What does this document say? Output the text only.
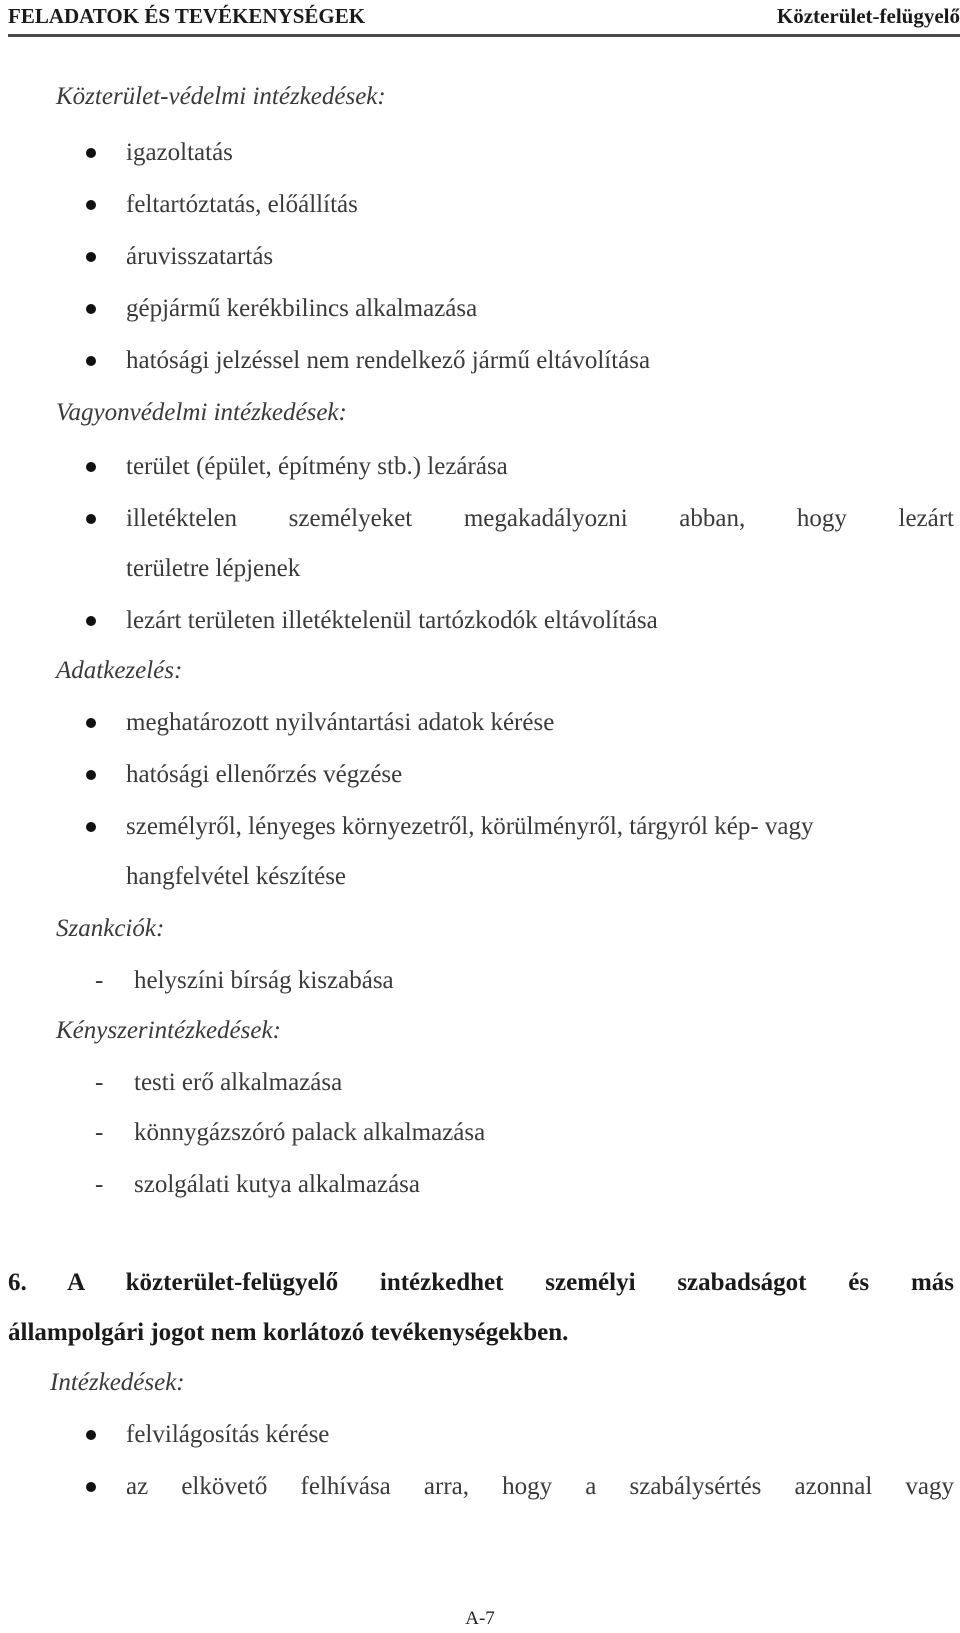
FELADATOK ÉS TEVÉKENYSÉGEK	Közterület-felügyelő
Közterület-védelmi intézkedések:
igazoltatás
feltartóztatás, előállítás
áruvisszatartás
gépjármű kerékbilincs alkalmazása
hatósági jelzéssel nem rendelkező jármű eltávolítása
Vagyonvédelmi intézkedések:
terület (épület, építmény stb.) lezárása
illetéktelen személyeket megakadályozni abban, hogy lezárt
területre lépjenek
lezárt területen illetéktelenül tartózkodók eltávolítása
Adatkezelés:
meghatározott nyilvántartási adatok kérése
hatósági ellenőrzés végzése
személyről, lényeges környezetről, körülményről, tárgyról kép- vagy
hangfelvétel készítése
Szankciók:
- helyszíni bírság kiszabása
Kényszerintézkedések:
- testi erő alkalmazása
- könnygázszóró palack alkalmazása
- szolgálati kutya alkalmazása
6. A közterület-felügyelő intézkedhet személyi szabadságot és más
állampolgári jogot nem korlátozó tevékenységekben.
Intézkedések:
felvilágosítás kérése
az elkövető felhívása arra, hogy a szabálysértés azonnal vagy
A-7
